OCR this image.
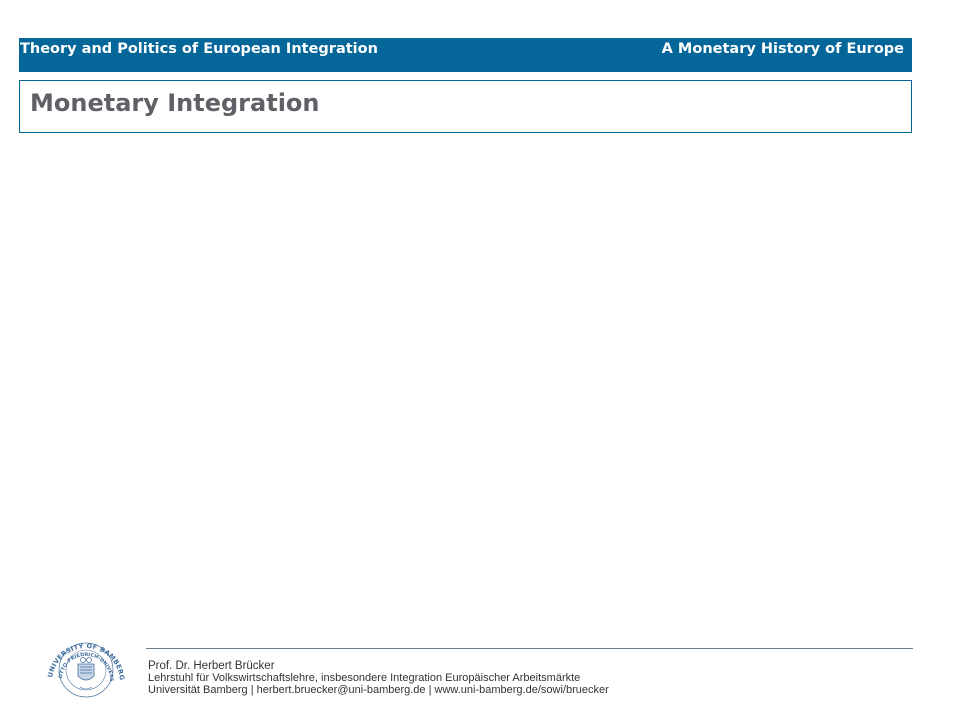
Theory and Politics of European Integration	A Monetary History of Europe
Monetary Integration
UNIVERSITY OF BAMBERG
OTTO-FRIEDRICH-UNIVERS
Prof. Dr. Herbert Brücker
Lehrstuhl für Volkswirtschaftslehre, insbesondere Integration Europäischer Arbeitsmärkte
Universität Bamberg | herbert.bruecker@uni-bamberg.de | www.uni-bamberg.de/sowi/bruecker
